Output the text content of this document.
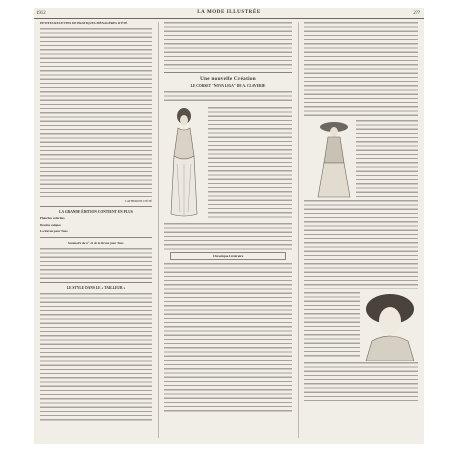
1912	LA MODE ILLUSTRÉE	2??
PETITES RECETTES DE PRATIQUES MÉNAGÈRES D'ÉTÉ
CATHERINE D'ÉTÉ
LA GRANDE ÉDITION CONTIENT EN PLUS
Planches coloriées
Dessins calques
La Revue pour Tous.
Sommaire du n° 41 de la Revue pour Tous.
LE STYLE DANS LE « TAILLEUR »
Une nouvelle Création
LE CORSET "NOVA LIGA" DE A. CLAVERIE
Chronique Littéraire
